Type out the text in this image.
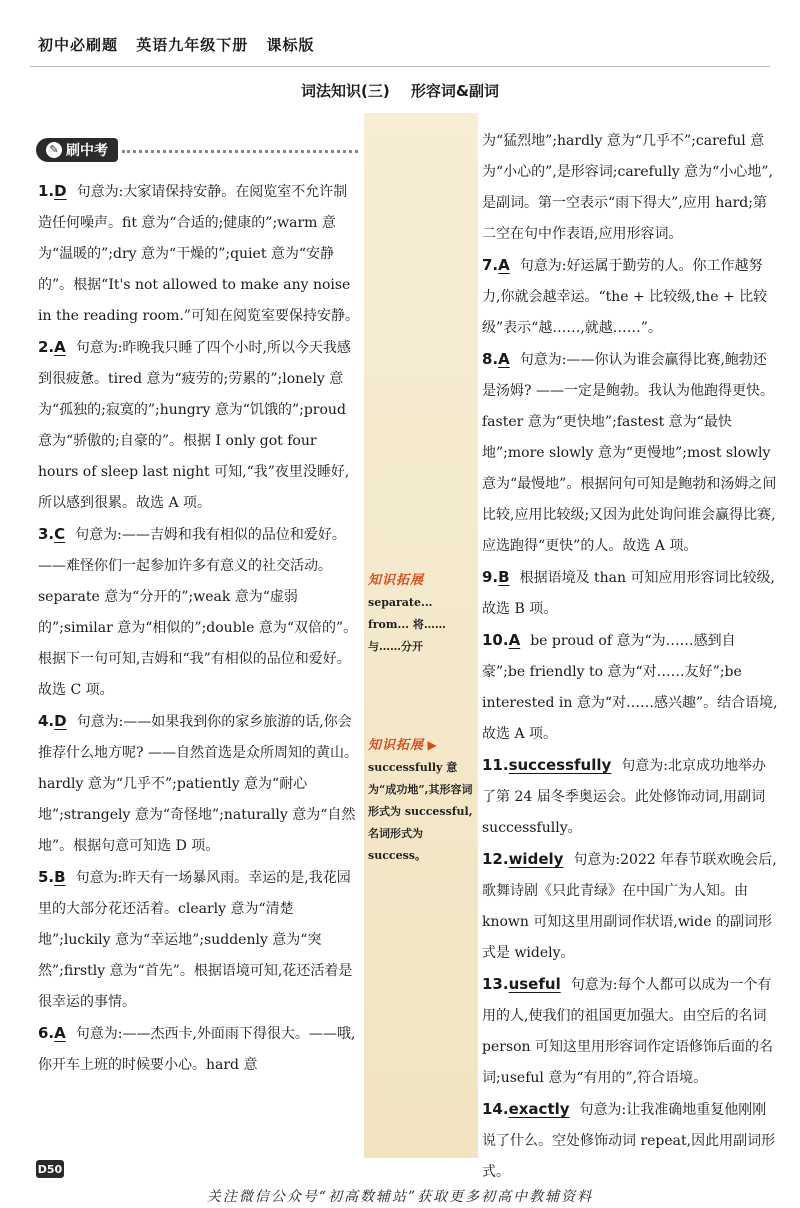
初中必刷题 英语九年级下册 课标版
词法知识(三) 形容词&副词
✎ 刷中考

1.D 句意为:大家请保持安静。在阅览室不允许制造任何噪声。fit 意为“合适的;健康的”;warm 意为“温暖的”;dry 意为“干燥的”;quiet 意为“安静的”。根据“It's not allowed to make any noise in the reading room.”可知在阅览室要保持安静。

2.A 句意为:昨晚我只睡了四个小时,所以今天我感到很疲惫。tired 意为“疲劳的;劳累的”;lonely 意为“孤独的;寂寞的”;hungry 意为“饥饿的”;proud 意为“骄傲的;自豪的”。根据 I only got four hours of sleep last night 可知,“我”夜里没睡好,所以感到很累。故选 A 项。

3.C 句意为:——吉姆和我有相似的品位和爱好。——难怪你们一起参加许多有意义的社交活动。separate 意为“分开的”;weak 意为“虚弱的”;similar 意为“相似的”;double 意为“双倍的”。根据下一句可知,吉姆和“我”有相似的品位和爱好。故选 C 项。

4.D 句意为:——如果我到你的家乡旅游的话,你会推荐什么地方呢? ——自然首选是众所周知的黄山。hardly 意为“几乎不”;patiently 意为“耐心地”;strangely 意为“奇怪地”;naturally 意为“自然地”。根据句意可知选 D 项。

5.B 句意为:昨天有一场暴风雨。幸运的是,我花园里的大部分花还活着。clearly 意为“清楚地”;luckily 意为“幸运地”;suddenly 意为“突然”;firstly 意为“首先”。根据语境可知,花还活着是很幸运的事情。

6.A 句意为:——杰西卡,外面雨下得很大。——哦,你开车上班的时候要小心。hard 意

知识拓展
separate... from... 将……与……分开
知识拓展 ▶
successfully 意为“成功地”,其形容词形式为 successful,名词形式为 success。

为“猛烈地”;hardly 意为“几乎不”;careful 意为“小心的”,是形容词;carefully 意为“小心地”,是副词。第一空表示“雨下得大”,应用 hard;第二空在句中作表语,应用形容词。

7.A 句意为:好运属于勤劳的人。你工作越努力,你就会越幸运。“the + 比较级,the + 比较级”表示“越……,就越……”。

8.A 句意为:——你认为谁会赢得比赛,鲍勃还是汤姆? ——一定是鲍勃。我认为他跑得更快。faster 意为“更快地”;fastest 意为“最快地”;more slowly 意为“更慢地”;most slowly 意为“最慢地”。根据问句可知是鲍勃和汤姆之间比较,应用比较级;又因为此处询问谁会赢得比赛,应选跑得“更快”的人。故选 A 项。

9.B 根据语境及 than 可知应用形容词比较级,故选 B 项。

10.A be proud of 意为“为……感到自豪”;be friendly to 意为“对……友好”;be interested in 意为“对……感兴趣”。结合语境,故选 A 项。

11.successfully 句意为:北京成功地举办了第 24 届冬季奥运会。此处修饰动词,用副词 successfully。

12.widely 句意为:2022 年春节联欢晚会后,歌舞诗剧《只此青绿》在中国广为人知。由 known 可知这里用副词作状语,wide 的副词形式是 widely。

13.useful 句意为:每个人都可以成为一个有用的人,使我们的祖国更加强大。由空后的名词 person 可知这里用形容词作定语修饰后面的名词;useful 意为“有用的”,符合语境。

14.exactly 句意为:让我准确地重复他刚刚说了什么。空处修饰动词 repeat,因此用副词形式。

D50
关注微信公众号“初高数辅站”获取更多初高中教辅资料
